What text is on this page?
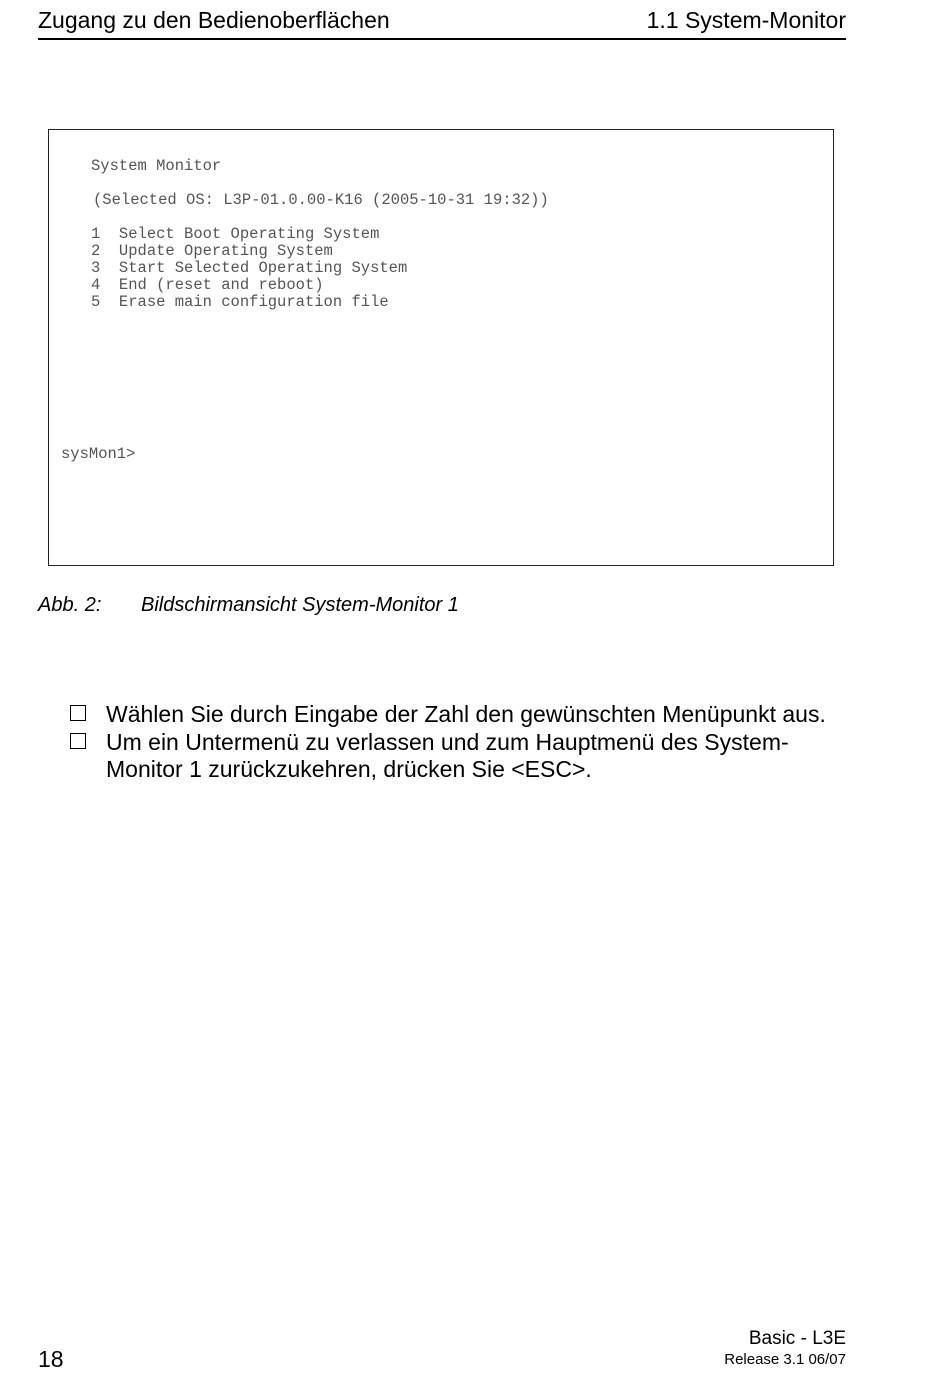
Zugang zu den Bedienoberflächen	1.1 System-Monitor
System Monitor
(Selected OS: L3P-01.0.00-K16 (2005-10-31 19:32))
1 Select Boot Operating System
2 Update Operating System
3 Start Selected Operating System
4 End (reset and reboot)
5 Erase main configuration file
sysMon1>
Abb. 2: Bildschirmansicht System-Monitor 1
Wählen Sie durch Eingabe der Zahl den gewünschten Menüpunkt aus.
Um ein Untermenü zu verlassen und zum Hauptmenü des System-Monitor 1 zurückzukehren, drücken Sie <ESC>.
18
Basic - L3E
Release 3.1 06/07
